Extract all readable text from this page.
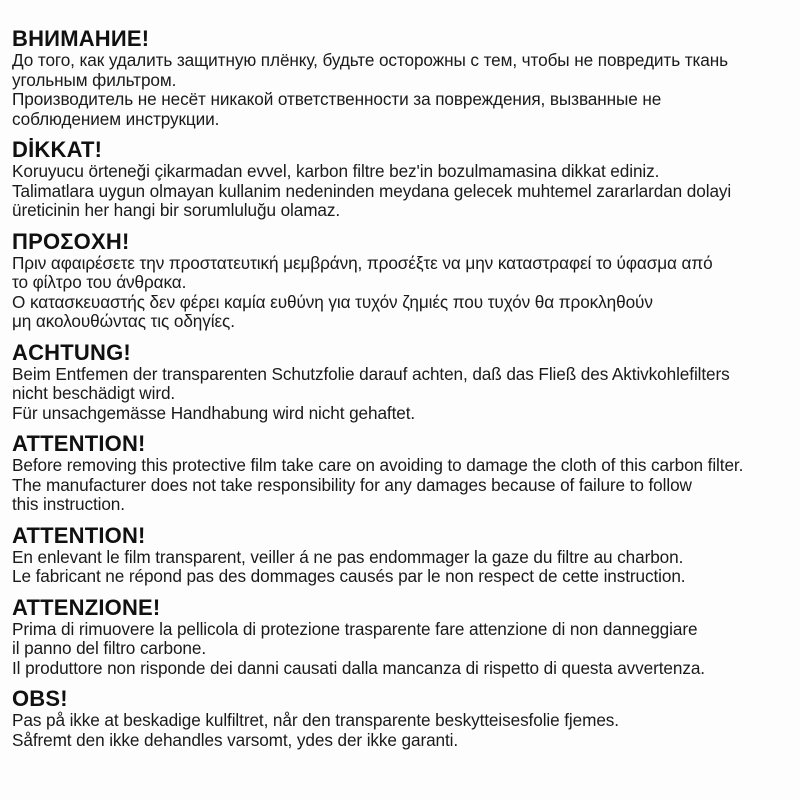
ВНИМАНИЕ!

До того, как удалить защитную плёнку, будьте осторожны с тем, чтобы не повредить ткань

угольным фильтром.

Производитель не несёт никакой ответственности за повреждения, вызванные не

соблюдением инструкции.

DİKKAT!

Koruyucu örteneği çikarmadan evvel, karbon filtre bez'in bozulmamasina dikkat ediniz.

Talimatlara uygun olmayan kullanim nedeninden meydana gelecek muhtemel zararlardan dolayi

üreticinin her hangi bir sorumluluğu olamaz.

ΠΡΟΣΟΧΗ!

Πριν αφαιρέσετε την προστατευτική μεμβράνη, προσέξτε να μην καταστραφεί το ύφασμα από

το φίλτρο του άνθρακα.

Ο κατασκευαστής δεν φέρει καμία ευθύνη για τυχόν ζημιές που τυχόν θα προκληθούν

μη ακολουθώντας τις οδηγίες.

ACHTUNG!

Beim Entfemen der transparenten Schutzfolie darauf achten, daß das Fließ des Aktivkohlefilters

nicht beschädigt wird.

Für unsachgemässe Handhabung wird nicht gehaftet.

ATTENTION!

Before removing this protective film take care on avoiding to damage the cloth of this carbon filter.

The manufacturer does not take responsibility for any damages because of failure to follow

this instruction.

ATTENTION!

En enlevant le film transparent, veiller á ne pas endommager la gaze du filtre au charbon.

Le fabricant ne répond pas des dommages causés par le non respect de cette instruction.

ATTENZIONE!

Prima di rimuovere la pellicola di protezione trasparente fare attenzione di non danneggiare

il panno del filtro carbone.

Il produttore non risponde dei danni causati dalla mancanza di rispetto di questa avvertenza.

OBS!

Pas på ikke at beskadige kulfiltret, når den transparente beskytteisesfolie fjemes.

Såfremt den ikke dehandles varsomt, ydes der ikke garanti.
